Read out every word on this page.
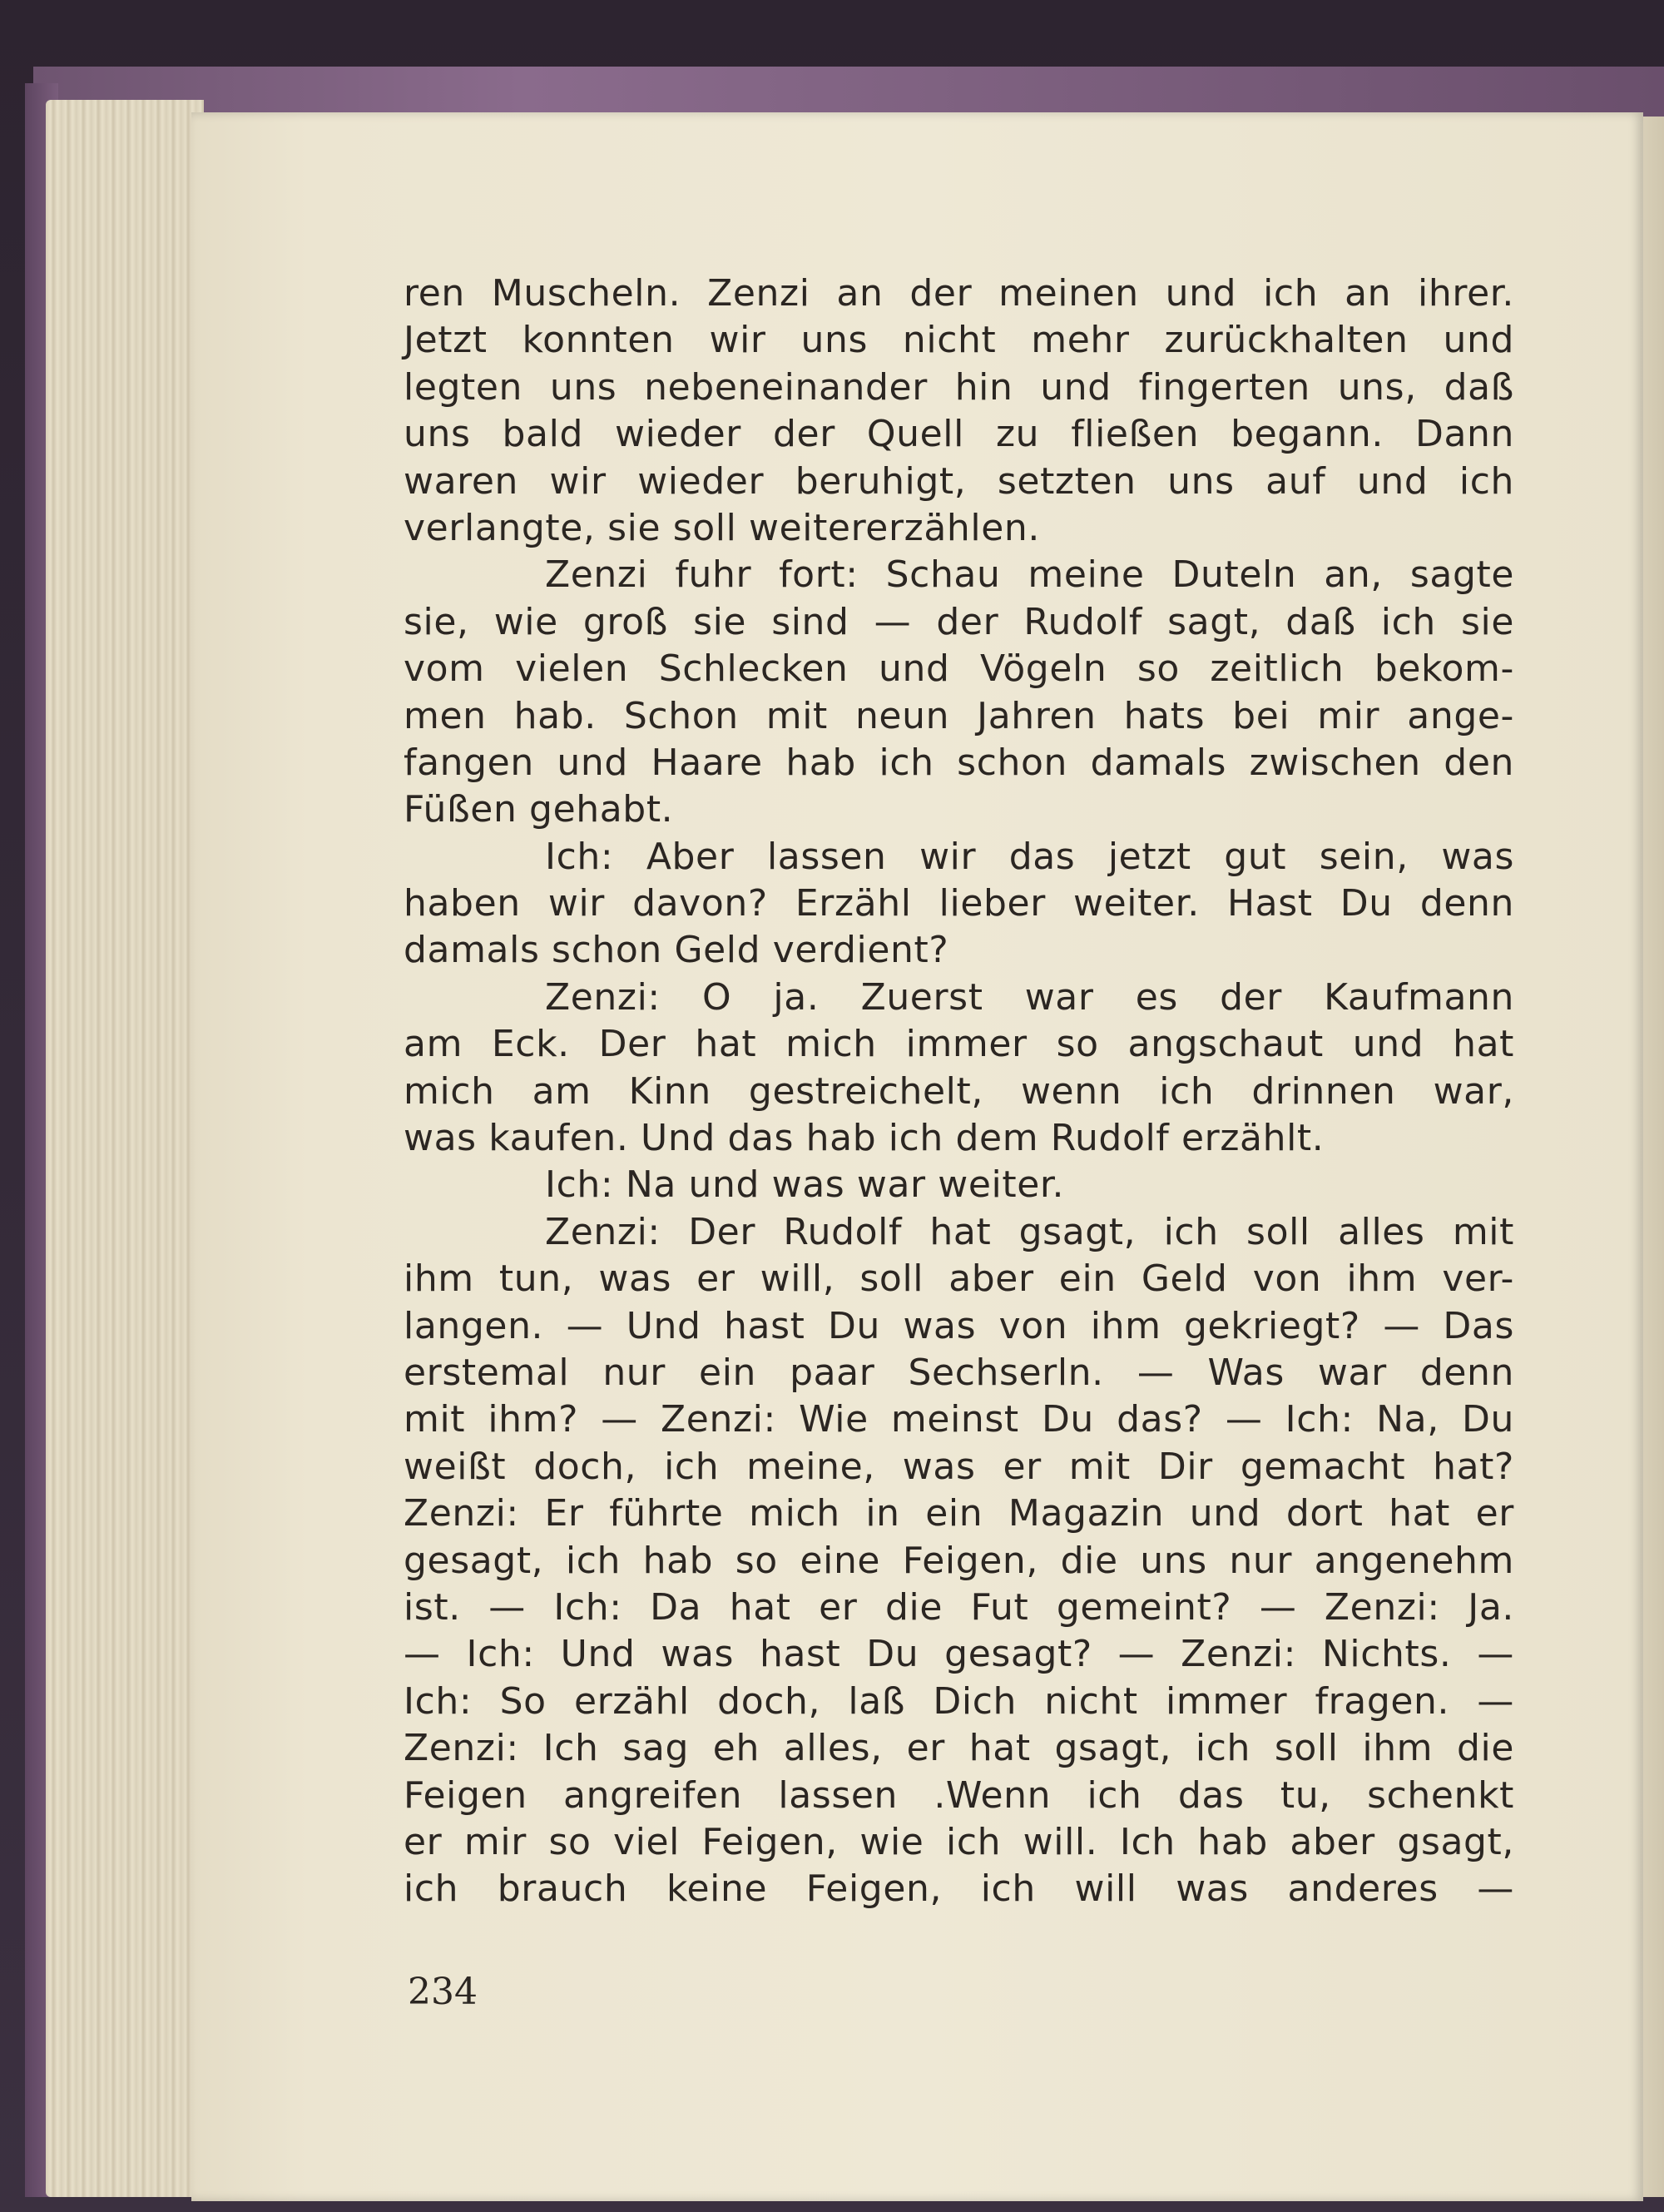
ren Muscheln. Zenzi an der meinen und ich an ihrer.
Jetzt konnten wir uns nicht mehr zurückhalten und
legten uns nebeneinander hin und fingerten uns, daß
uns bald wieder der Quell zu fließen begann. Dann
waren wir wieder beruhigt, setzten uns auf und ich
verlangte, sie soll weitererzählen.
Zenzi fuhr fort: Schau meine Duteln an, sagte
sie, wie groß sie sind — der Rudolf sagt, daß ich sie
vom vielen Schlecken und Vögeln so zeitlich bekom-
men hab. Schon mit neun Jahren hats bei mir ange-
fangen und Haare hab ich schon damals zwischen den
Füßen gehabt.
Ich: Aber lassen wir das jetzt gut sein, was
haben wir davon? Erzähl lieber weiter. Hast Du denn
damals schon Geld verdient?
Zenzi: O ja. Zuerst war es der Kaufmann
am Eck. Der hat mich immer so angschaut und hat
mich am Kinn gestreichelt, wenn ich drinnen war,
was kaufen. Und das hab ich dem Rudolf erzählt.
Ich: Na und was war weiter.
Zenzi: Der Rudolf hat gsagt, ich soll alles mit
ihm tun, was er will, soll aber ein Geld von ihm ver-
langen. — Und hast Du was von ihm gekriegt? — Das
erstemal nur ein paar Sechserln. — Was war denn
mit ihm? — Zenzi: Wie meinst Du das? — Ich: Na, Du
weißt doch, ich meine, was er mit Dir gemacht hat?
Zenzi: Er führte mich in ein Magazin und dort hat er
gesagt, ich hab so eine Feigen, die uns nur angenehm
ist. — Ich: Da hat er die Fut gemeint? — Zenzi: Ja.
— Ich: Und was hast Du gesagt? — Zenzi: Nichts. —
Ich: So erzähl doch, laß Dich nicht immer fragen. —
Zenzi: Ich sag eh alles, er hat gsagt, ich soll ihm die
Feigen angreifen lassen .Wenn ich das tu, schenkt
er mir so viel Feigen, wie ich will. Ich hab aber gsagt,
ich brauch keine Feigen, ich will was anderes —
234
